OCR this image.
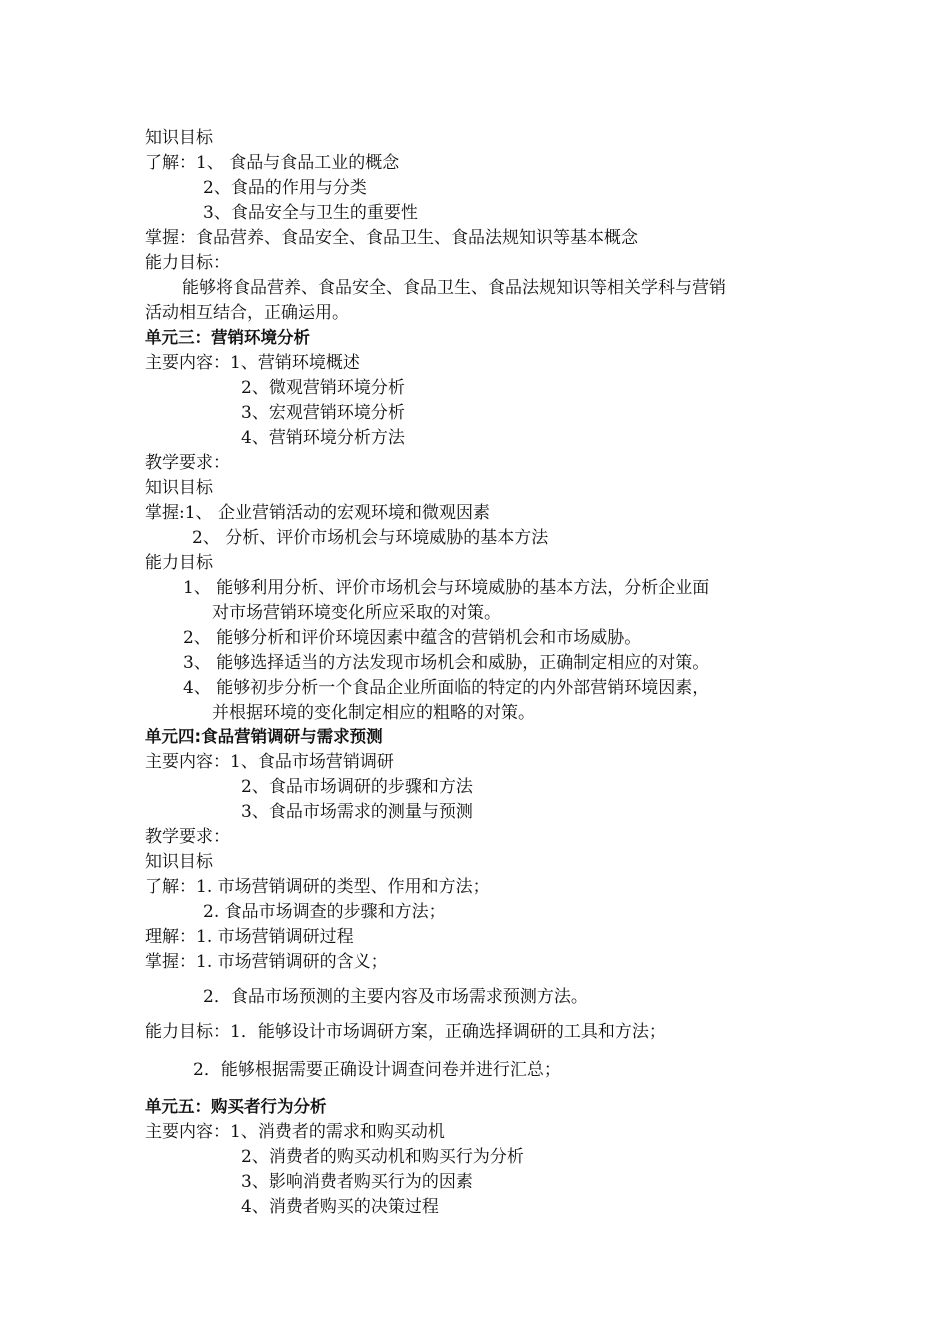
知识目标
了解：1、 食品与食品工业的概念
2、食品的作用与分类
3、食品安全与卫生的重要性
掌握：食品营养、食品安全、食品卫生、食品法规知识等基本概念
能力目标：
能够将食品营养、食品安全、食品卫生、食品法规知识等相关学科与营销
活动相互结合，正确运用。
单元三：营销环境分析
主要内容：1、营销环境概述
2、微观营销环境分析
3、宏观营销环境分析
4、营销环境分析方法
教学要求：
知识目标
掌握:1、 企业营销活动的宏观环境和微观因素
2、 分析、评价市场机会与环境威胁的基本方法
能力目标
1、 能够利用分析、评价市场机会与环境威胁的基本方法，分析企业面
对市场营销环境变化所应采取的对策。
2、 能够分析和评价环境因素中蕴含的营销机会和市场威胁。
3、 能够选择适当的方法发现市场机会和威胁，正确制定相应的对策。
4、 能够初步分析一个食品企业所面临的特定的内外部营销环境因素，
并根据环境的变化制定相应的粗略的对策。
单元四:食品营销调研与需求预测
主要内容：1、食品市场营销调研
2、食品市场调研的步骤和方法
3、食品市场需求的测量与预测
教学要求：
知识目标
了解：1. 市场营销调研的类型、作用和方法；
2. 食品市场调查的步骤和方法；
理解：1. 市场营销调研过程
掌握：1. 市场营销调研的含义；
2．食品市场预测的主要内容及市场需求预测方法。
能力目标：1．能够设计市场调研方案，正确选择调研的工具和方法；
2．能够根据需要正确设计调查问卷并进行汇总；
单元五：购买者行为分析
主要内容：1、消费者的需求和购买动机
2、消费者的购买动机和购买行为分析
3、影响消费者购买行为的因素
4、消费者购买的决策过程
